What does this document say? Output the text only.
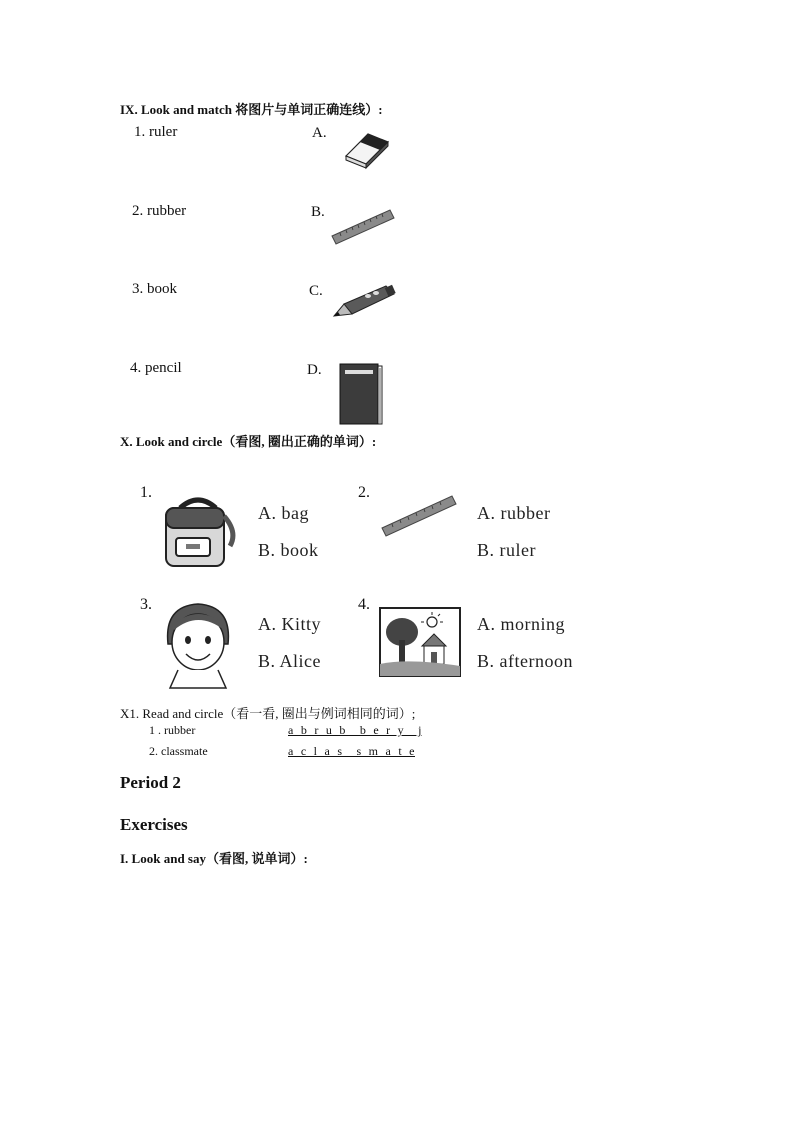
IX. Look and match 将图片与单词正确连线）:
1. ruler
2. rubber
3. book
4. pencil
A.
B.
C.
D.
X. Look and circle（看图, 圈出正确的单词）:
1.
A. bag
B. book
2.
A. rubber
B. ruler
3.
A. Kitty
B. Alice
4.
A. morning
B. afternoon
X1. Read and circle（看一看, 圈出与例词相同的词）;
1 . rubber	a  b  r  u  b    b  e  r  y    j
2. classmate	a  c  l  a  s    s  m  a  t  e
Period 2
Exercises
I. Look and say（看图, 说单词）:
